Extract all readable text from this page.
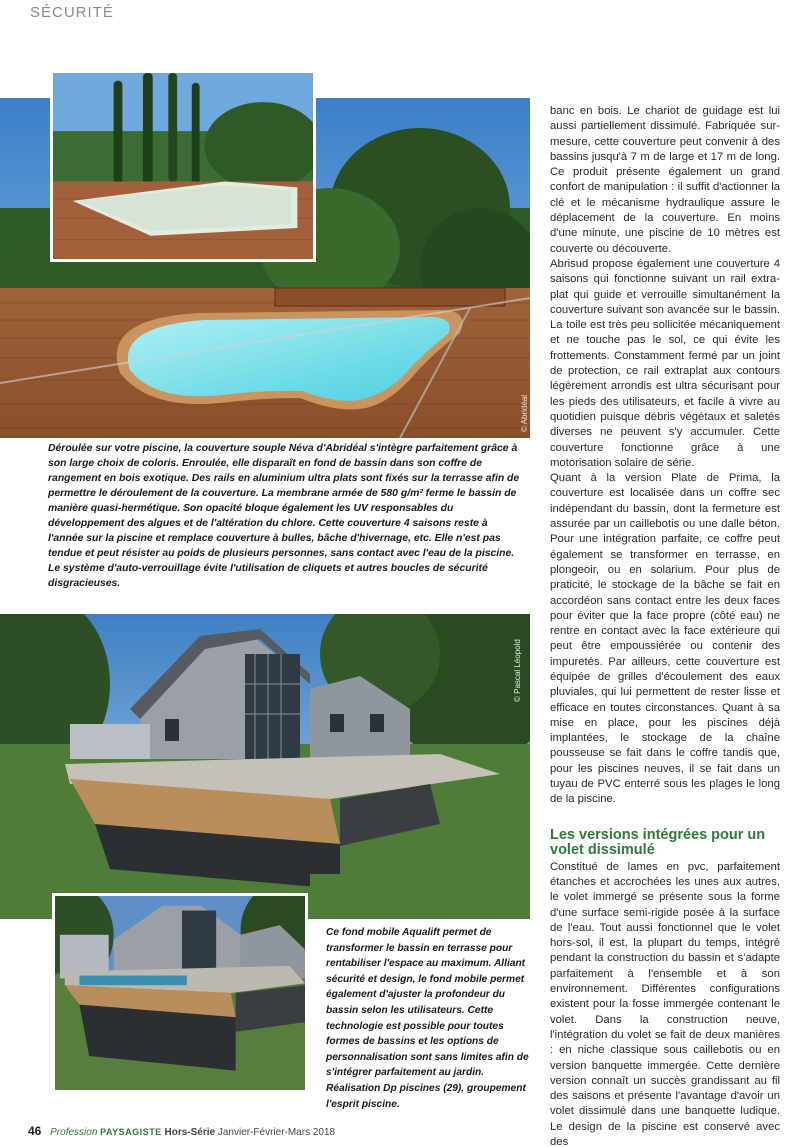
SÉCURITÉ
© Abridéal

Déroulée sur votre piscine, la couverture souple Néva d'Abridéal s'intègre parfaitement grâce à son large choix de coloris. Enroulée, elle disparaît en fond de bassin dans son coffre de rangement en bois exotique. Des rails en aluminium ultra plats sont fixés sur la terrasse afin de permettre le déroulement de la couverture. La membrane armée de 580 g/m² ferme le bassin de manière quasi-hermétique. Son opacité bloque également les UV responsables du développement des algues et de l'altération du chlore. Cette couverture 4 saisons reste à l'année sur la piscine et remplace couverture à bulles, bâche d'hivernage, etc. Elle n'est pas tendue et peut résister au poids de plusieurs personnes, sans contact avec l'eau de la piscine. Le système d'auto-verrouillage évite l'utilisation de cliquets et autres boucles de sécurité disgracieuses.

© Pascal Léopold

Ce fond mobile Aqualift permet de transformer le bassin en terrasse pour rentabiliser l'espace au maximum. Alliant sécurité et design, le fond mobile permet également d'ajuster la profondeur du bassin selon les utilisateurs. Cette technologie est possible pour toutes formes de bassins et les options de personnalisation sont sans limites afin de s'intégrer parfaitement au jardin. Réalisation Dp piscines (29), groupement l'esprit piscine.

banc en bois. Le chariot de guidage est lui aussi partiellement dissimulé. Fabriquée sur-mesure, cette couverture peut convenir à des bassins jusqu'à 7 m de large et 17 m de long. Ce produit présente également un grand confort de manipulation : il suffit d'actionner la clé et le mécanisme hydraulique assure le déplacement de la couverture. En moins d'une minute, une piscine de 10 mètres est couverte ou découverte.

Abrisud propose également une couverture 4 saisons qui fonctionne suivant un rail extra-plat qui guide et verrouille simultanément la couverture suivant son avancée sur le bassin. La toile est très peu sollicitée mécaniquement et ne touche pas le sol, ce qui évite les frottements. Constamment fermé par un joint de protection, ce rail extraplat aux contours légèrement arrondis est ultra sécurisant pour les pieds des utilisateurs, et facile à vivre au quotidien puisque débris végétaux et saletés diverses ne peuvent s'y accumuler. Cette couverture fonctionne grâce à une motorisation solaire de série.

Quant à la version Plate de Prima, la couverture est localisée dans un coffre sec indépendant du bassin, dont la fermeture est assurée par un caillebotis ou une dalle béton. Pour une intégration parfaite, ce coffre peut également se transformer en terrasse, en plongeoir, ou en solarium. Pour plus de praticité, le stockage de la bâche se fait en accordéon sans contact entre les deux faces pour éviter que la face propre (côté eau) ne rentre en contact avec la face extérieure qui peut être empoussiérée ou contenir des impuretés. Par ailleurs, cette couverture est équipée de grilles d'écoulement des eaux pluviales, qui lui permettent de rester lisse et efficace en toutes circonstances. Quant à sa mise en place, pour les piscines déjà implantées, le stockage de la chaîne pousseuse se fait dans le coffre tandis que, pour les piscines neuves, il se fait dans un tuyau de PVC enterré sous les plages le long de la piscine.

Les versions intégrées pour un volet dissimulé

Constitué de lames en pvc, parfaitement étanches et accrochées les unes aux autres, le volet immergé se présente sous la forme d'une surface semi-rigide posée à la surface de l'eau. Tout aussi fonctionnel que le volet hors-sol, il est, la plupart du temps, intégré pendant la construction du bassin et s'adapte parfaitement à l'ensemble et à son environnement. Différentes configurations existent pour la fosse immergée contenant le volet. Dans la construction neuve, l'intégration du volet se fait de deux manières : en niche classique sous caillebotis ou en version banquette immergée. Cette dernière version connaît un succès grandissant au fil des saisons et présente l'avantage d'avoir un volet dissimulé dans une banquette ludique. Le design de la piscine est conservé avec des

46 Profession PAYSAGISTE Hors-Série Janvier-Février-Mars 2018
